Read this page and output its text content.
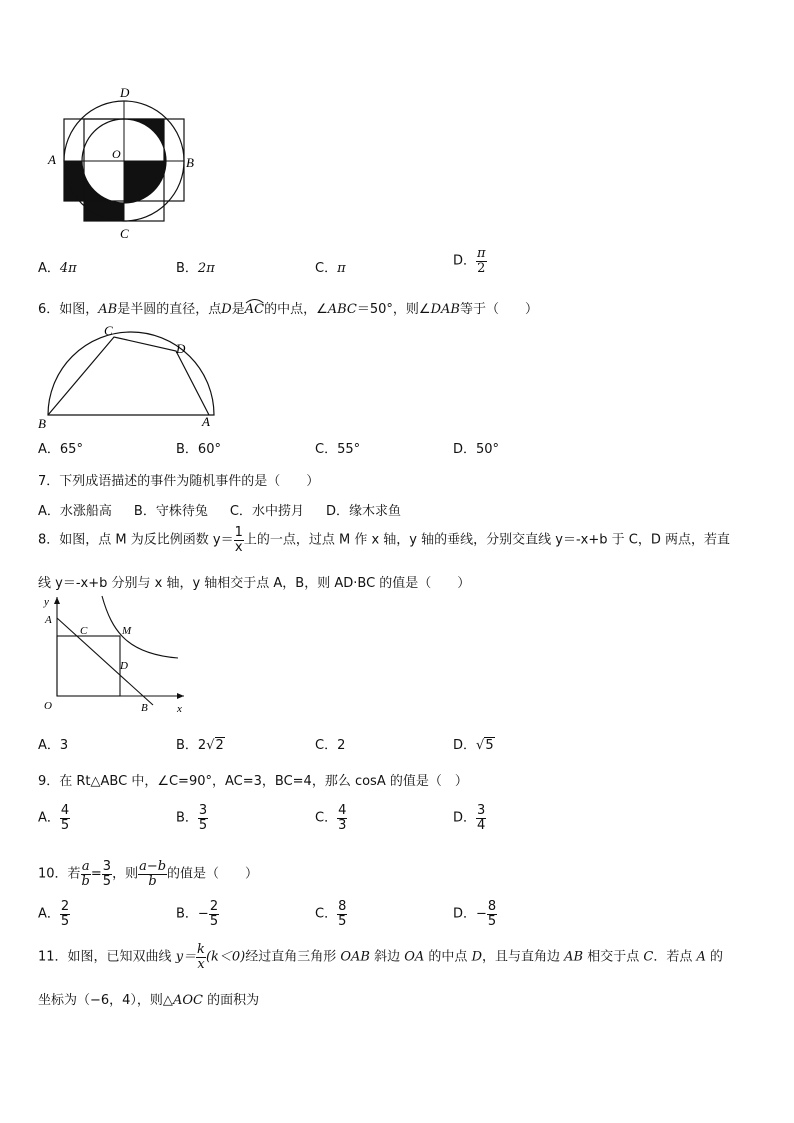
D
A	B
C
O
A．4π	B．2π	C．π	D． $\frac{\pi}{2}$
6．如图，AB是半圆的直径，点D是AC
的中点，∠ABC＝50°，则∠DAB等于（　　）
C
D
B	A
A．65°	B．60°	C．55°	D．50°
7．下列成语描述的事件为随机事件的是（　　）
A．水涨船高 B．守株待兔 C．水中捞月 D．缘木求鱼
8．如图，点 M 为反比例函数 $y= \frac{1}{x}$ 上的一点，过点 M 作 x 轴，y 轴的垂线，分别交直线 y＝-x+b 于 C，D 两点，若直
线 y＝-x+b 分别与 x 轴，y 轴相交于点 A，B，则 AD·BC 的值是（　　）
y
A
C	M
D
O	B	x
A．3	B．2√2	C．2	D．√5
9．在 Rt△ABC 中，∠C=90°，AC=3，BC=4，那么 cosA 的值是（　）
A． $\frac{4}{5}$	B． $\frac{3}{5}$	C． $\frac{4}{3}$	D． $\frac{3}{4}$
10．若 $\frac{a}{b} = \frac{3}{5}$ ，则 $\frac{a-b}{b}$ 的值是（　　）
A． $\frac{2}{5}$	B．− $\frac{2}{5}$	C． $\frac{8}{5}$	D．− $\frac{8}{5}$
11．如图，已知双曲线 $y= \frac{k}{x} (k<0)$经过直角三角形 OAB 斜边 OA 的中点 D，且与直角边 AB 相交于点 C．若点 A 的
坐标为（−6，4），则△AOC 的面积为
